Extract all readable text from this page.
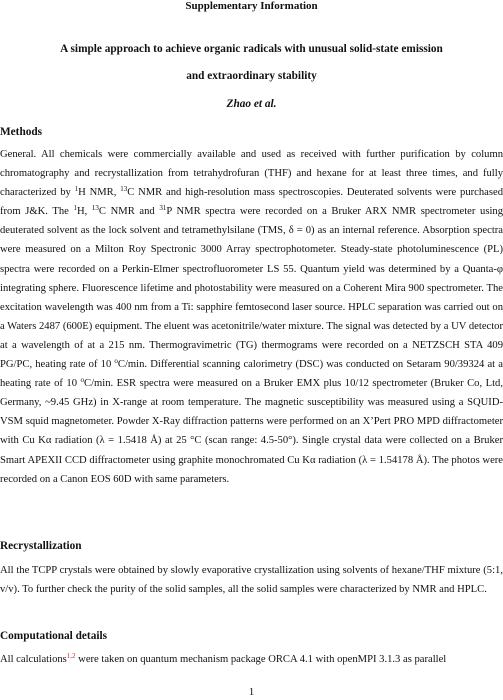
Supplementary Information
A simple approach to achieve organic radicals with unusual solid-state emission
and extraordinary stability
Zhao et al.
Methods
General. All chemicals were commercially available and used as received with further purification by column chromatography and recrystallization from tetrahydrofuran (THF) and hexane for at least three times, and fully characterized by $^1$H NMR, $^{13}$C NMR and high-resolution mass spectroscopies. Deuterated solvents were purchased from J&K. The $^1$H, $^{13}$C NMR and $^{31}$P NMR spectra were recorded on a Bruker ARX NMR spectrometer using deuterated solvent as the lock solvent and tetramethylsilane (TMS, δ = 0) as an internal reference. Absorption spectra were measured on a Milton Roy Spectronic 3000 Array spectrophotometer. Steady-state photoluminescence (PL) spectra were recorded on a Perkin-Elmer spectrofluorometer LS 55. Quantum yield was determined by a Quanta-φ integrating sphere. Fluorescence lifetime and photostability were measured on a Coherent Mira 900 spectrometer. The excitation wavelength was 400 nm from a Ti: sapphire femtosecond laser source. HPLC separation was carried out on a Waters 2487 (600E) equipment. The eluent was acetonitrile/water mixture. The signal was detected by a UV detector at a wavelength of at a 215 nm. Thermogravimetric (TG) thermograms were recorded on a NETZSCH STA 409 PG/PC, heating rate of 10 $^o$C/min. Differential scanning calorimetry (DSC) was conducted on Setaram 90/39324 at a heating rate of 10 $^o$C/min. ESR spectra were measured on a Bruker EMX plus 10/12 spectrometer (Bruker Co, Ltd, Germany, ~9.45 GHz) in X-range at room temperature. The magnetic susceptibility was measured using a SQUID-VSM squid magnetometer. Powder X-Ray diffraction patterns were performed on an X’Pert PRO MPD diffractometer with Cu Kα radiation (λ = 1.5418 Å) at 25 °C (scan range: 4.5-50°). Single crystal data were collected on a Bruker Smart APEXII CCD diffractometer using graphite monochromated Cu Kα radiation (λ = 1.54178 Å). The photos were recorded on a Canon EOS 60D with same parameters.
Recrystallization
All the TCPP crystals were obtained by slowly evaporative crystallization using solvents of hexane/THF mixture (5:1, v/v). To further check the purity of the solid samples, all the solid samples were characterized by NMR and HPLC.
Computational details
All calculations$^{1,2}$ were taken on quantum mechanism package ORCA 4.1 with openMPI 3.1.3 as parallel
1
